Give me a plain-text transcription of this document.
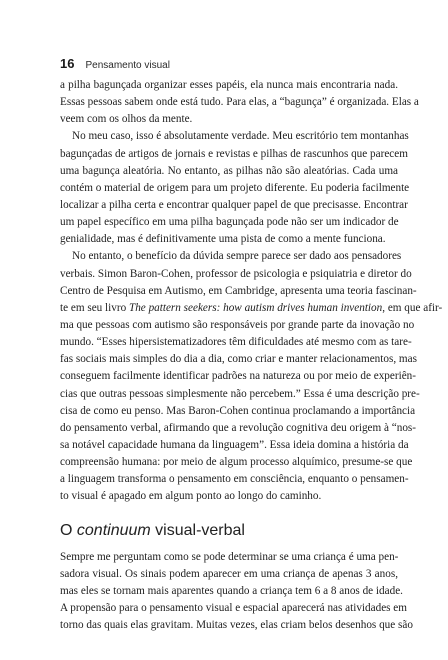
16 Pensamento visual
a pilha bagunçada organizar esses papéis, ela nunca mais encontraria nada.
Essas pessoas sabem onde está tudo. Para elas, a “bagunça” é organizada. Elas a
veem com os olhos da mente.
No meu caso, isso é absolutamente verdade. Meu escritório tem montanhas
bagunçadas de artigos de jornais e revistas e pilhas de rascunhos que parecem
uma bagunça aleatória. No entanto, as pilhas não são aleatórias. Cada uma
contém o material de origem para um projeto diferente. Eu poderia facilmente
localizar a pilha certa e encontrar qualquer papel de que precisasse. Encontrar
um papel específico em uma pilha bagunçada pode não ser um indicador de
genialidade, mas é definitivamente uma pista de como a mente funciona.
No entanto, o benefício da dúvida sempre parece ser dado aos pensadores
verbais. Simon Baron-Cohen, professor de psicologia e psiquiatria e diretor do
Centro de Pesquisa em Autismo, em Cambridge, apresenta uma teoria fascinan-
te em seu livro The pattern seekers: how autism drives human invention, em que afir-
ma que pessoas com autismo são responsáveis por grande parte da inovação no
mundo. “Esses hipersistematizadores têm dificuldades até mesmo com as tare-
fas sociais mais simples do dia a dia, como criar e manter relacionamentos, mas
conseguem facilmente identificar padrões na natureza ou por meio de experiên-
cias que outras pessoas simplesmente não percebem.” Essa é uma descrição pre-
cisa de como eu penso. Mas Baron-Cohen continua proclamando a importância
do pensamento verbal, afirmando que a revolução cognitiva deu origem à “nos-
sa notável capacidade humana da linguagem”. Essa ideia domina a história da
compreensão humana: por meio de algum processo alquímico, presume-se que
a linguagem transforma o pensamento em consciência, enquanto o pensamen-
to visual é apagado em algum ponto ao longo do caminho.
O continuum visual-verbal
Sempre me perguntam como se pode determinar se uma criança é uma pen-
sadora visual. Os sinais podem aparecer em uma criança de apenas 3 anos,
mas eles se tornam mais aparentes quando a criança tem 6 a 8 anos de idade.
A propensão para o pensamento visual e espacial aparecerá nas atividades em
torno das quais elas gravitam. Muitas vezes, elas criam belos desenhos que são
